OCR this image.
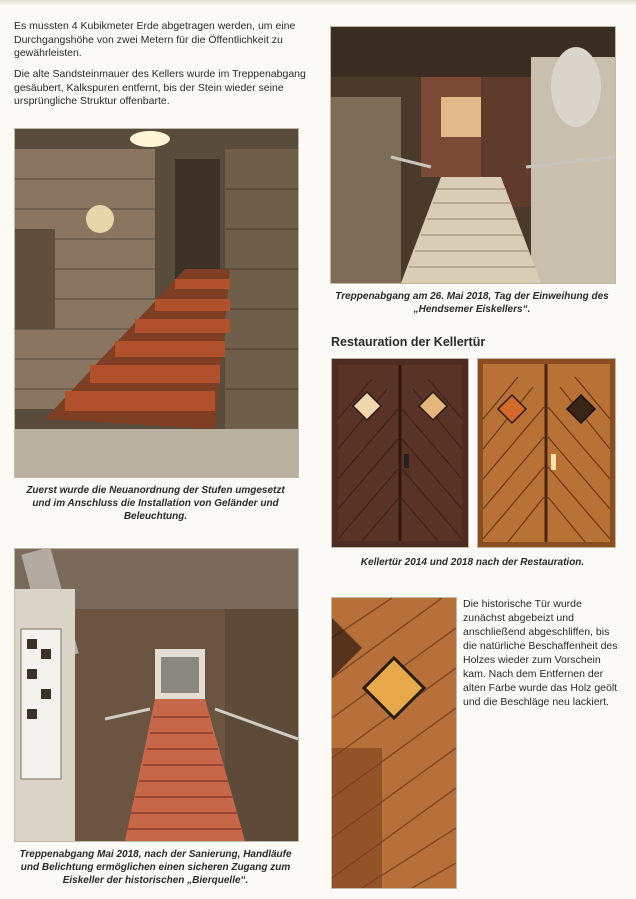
Es mussten 4 Kubikmeter Erde abgetragen werden, um eine Durchgangshöhe von zwei Metern für die Öffentlichkeit zu gewährleisten.

Die alte Sandsteinmauer des Kellers wurde im Treppenabgang gesäubert, Kalkspuren entfernt, bis der Stein wieder seine ursprüngliche Struktur offenbarte.

Zuerst wurde die Neuanordnung der Stufen umgesetzt und im Anschluss die Installation von Geländer und Beleuchtung.

Treppenabgang am 26. Mai 2018, Tag der Einweihung des „Hendsemer Eiskellers“.

Restauration der Kellertür

Kellertür 2014 und 2018 nach der Restauration.

Die historische Tür wurde zunächst abgebeizt und anschließend abgeschliffen, bis die natürliche Beschaffenheit des Holzes wieder zum Vorschein kam. Nach dem Entfernen der alten Farbe wurde das Holz geölt und die Beschläge neu lackiert.

Treppenabgang Mai 2018, nach der Sanierung, Handläufe und Belichtung ermöglichen einen sicheren Zugang zum Eiskeller der historischen „Bierquelle“.
